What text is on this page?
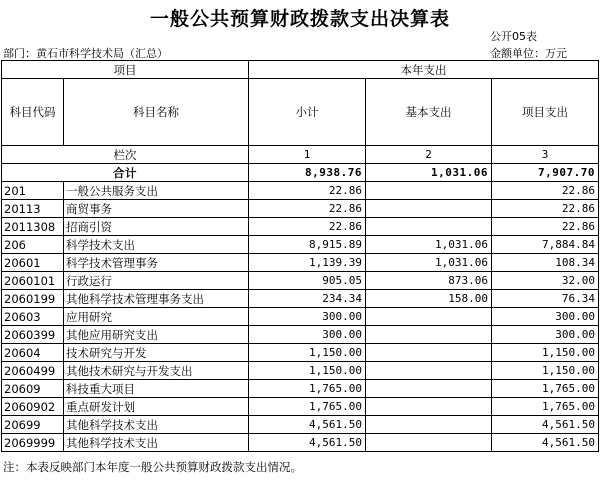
一般公共预算财政拨款支出决算表
公开05表
部门：黄石市科学技术局（汇总）	金额单位：万元
项目		本年支出		
科目代码	科目名称	小计	基本支出	项目支出
栏次		1	2	3
合计		8,938.76	1,031.06	7,907.70
201	一般公共服务支出	22.86		22.86
20113	商贸事务	22.86		22.86
2011308	招商引资	22.86		22.86
206	科学技术支出	8,915.89	1,031.06	7,884.84
20601	科学技术管理事务	1,139.39	1,031.06	108.34
2060101	行政运行	905.05	873.06	32.00
2060199	其他科学技术管理事务支出	234.34	158.00	76.34
20603	应用研究	300.00		300.00
2060399	其他应用研究支出	300.00		300.00
20604	技术研究与开发	1,150.00		1,150.00
2060499	其他技术研究与开发支出	1,150.00		1,150.00
20609	科技重大项目	1,765.00		1,765.00
2060902	重点研发计划	1,765.00		1,765.00
20699	其他科学技术支出	4,561.50		4,561.50
2069999	其他科学技术支出	4,561.50		4,561.50
注：本表反映部门本年度一般公共预算财政拨款支出情况。
